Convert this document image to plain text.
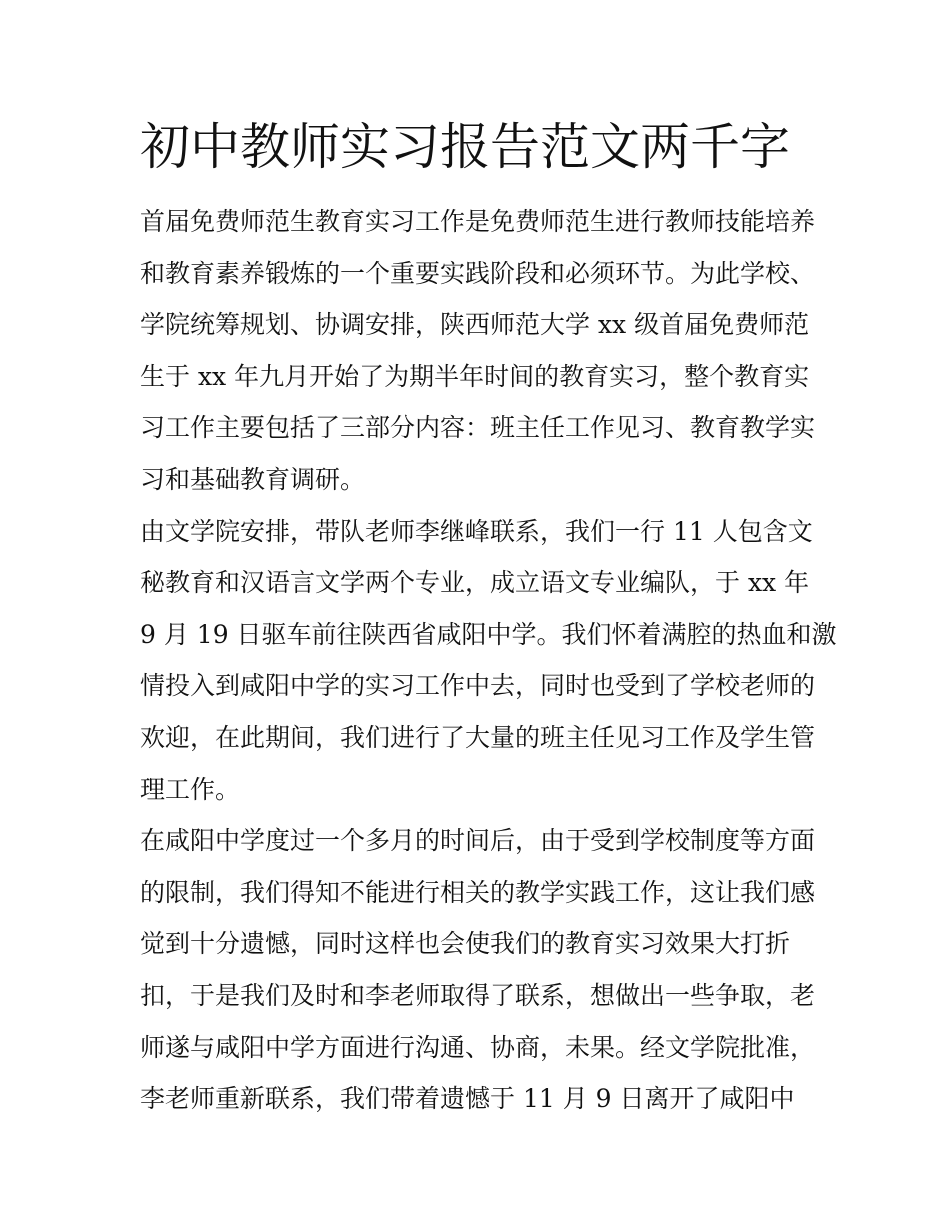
初中教师实习报告范文两千字
首届免费师范生教育实习工作是免费师范生进行教师技能培养
和教育素养锻炼的一个重要实践阶段和必须环节。为此学校、
学院统筹规划、协调安排，陕西师范大学 xx 级首届免费师范
生于 xx 年九月开始了为期半年时间的教育实习，整个教育实
习工作主要包括了三部分内容：班主任工作见习、教育教学实
习和基础教育调研。
由文学院安排，带队老师李继峰联系，我们一行 11 人包含文
秘教育和汉语言文学两个专业，成立语文专业编队，于 xx 年
9 月 19 日驱车前往陕西省咸阳中学。我们怀着满腔的热血和激
情投入到咸阳中学的实习工作中去，同时也受到了学校老师的
欢迎，在此期间，我们进行了大量的班主任见习工作及学生管
理工作。
在咸阳中学度过一个多月的时间后，由于受到学校制度等方面
的限制，我们得知不能进行相关的教学实践工作，这让我们感
觉到十分遗憾，同时这样也会使我们的教育实习效果大打折
扣，于是我们及时和李老师取得了联系，想做出一些争取，老
师遂与咸阳中学方面进行沟通、协商，未果。经文学院批准，
李老师重新联系，我们带着遗憾于 11 月 9 日离开了咸阳中
